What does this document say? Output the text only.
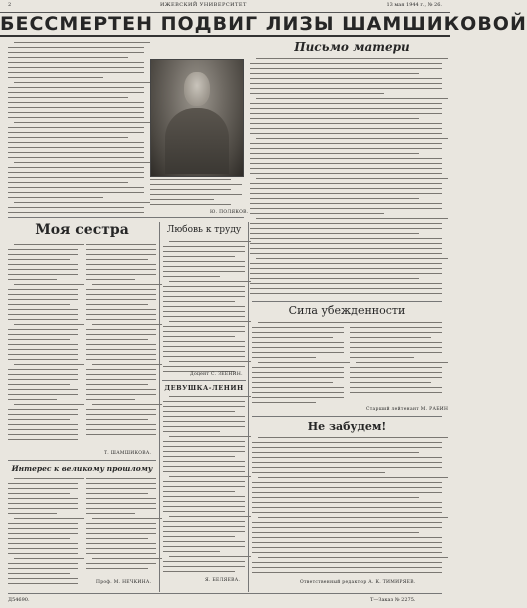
2	ИЖЕВСКИЙ УНИВЕРСИТЕТ	13 мая 1944 г., № 26.
БЕССМЕРТЕН ПОДВИГ ЛИЗЫ ШАМШИКОВОЙ
Ю. ПОЛЯКОВ.
Письмо матери
Моя сестра
Т. ШАМШИКОВА.
Любовь к труду
Доцент С. ЗЕЕНИН.
ДЕВУШКА-ЛЕНИН
Я. БЕЛЯЕВА.
Сила убежденности
Старший лейтенант М. РАБИН
Не забудем!
Ответственный редактор А. К. ТИМИРЯЕВ.
Интерес к великому прошлому
Проф. М. НЕЧКИНА.
Д54690.	Т—Заказ № 2275.
